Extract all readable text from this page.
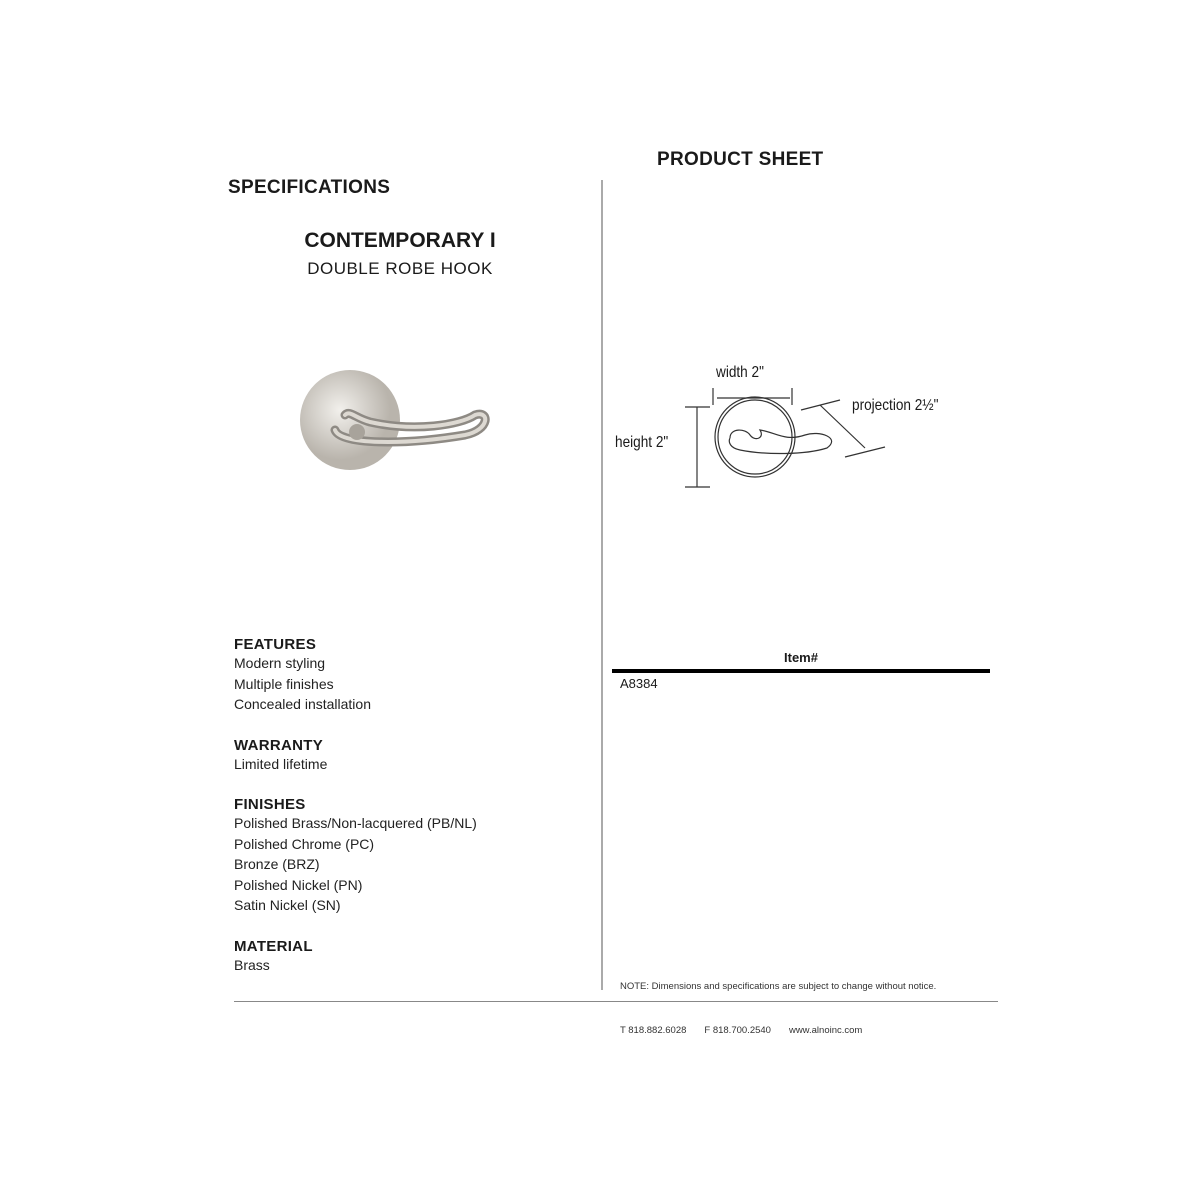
PRODUCT SHEET
SPECIFICATIONS
CONTEMPORARY I
DOUBLE ROBE HOOK
width 2"
height 2"
projection 2½"
Item#
A8384
FEATURES
Modern styling
Multiple finishes
Concealed installation
WARRANTY
Limited lifetime
FINISHES
Polished Brass/Non-lacquered (PB/NL)
Polished Chrome (PC)
Bronze (BRZ)
Polished Nickel (PN)
Satin Nickel (SN)
MATERIAL
Brass
NOTE: Dimensions and specifications are subject to change without notice.
T 818.882.6028 F 818.700.2540 www.alnoinc.com
